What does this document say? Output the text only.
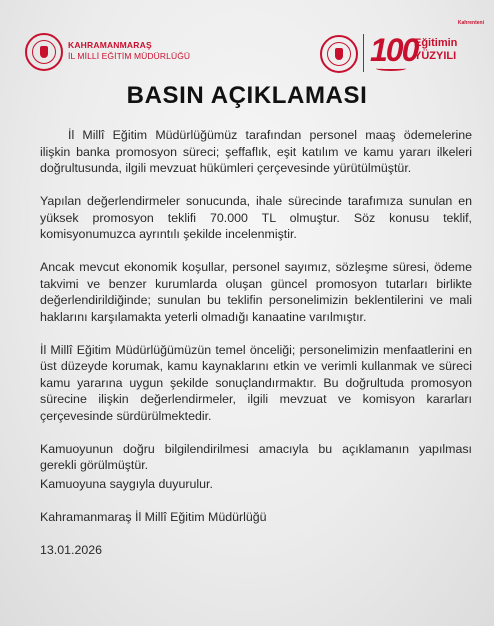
KAHRAMANMARAŞ
İL MİLLİ EĞİTİM MÜDÜRLÜĞÜ	100
Eğitimin
YÜZYILI
Kahrenteni
BASIN AÇIKLAMASI

İl Millî Eğitim Müdürlüğümüz tarafından personel maaş ödemelerine ilişkin banka promosyon süreci; şeffaflık, eşit katılım ve kamu yararı ilkeleri doğrultusunda, ilgili mevzuat hükümleri çerçevesinde yürütülmüştür.

Yapılan değerlendirmeler sonucunda, ihale sürecinde tarafımıza sunulan en yüksek promosyon teklifi 70.000 TL olmuştur. Söz konusu teklif, komisyonumuzca ayrıntılı şekilde incelenmiştir.

Ancak mevcut ekonomik koşullar, personel sayımız, sözleşme süresi, ödeme takvimi ve benzer kurumlarda oluşan güncel promosyon tutarları birlikte değerlendirildiğinde; sunulan bu teklifin personelimizin beklentilerini ve mali haklarını karşılamakta yeterli olmadığı kanaatine varılmıştır.

İl Millî Eğitim Müdürlüğümüzün temel önceliği; personelimizin menfaatlerini en üst düzeyde korumak, kamu kaynaklarını etkin ve verimli kullanmak ve süreci kamu yararına uygun şekilde sonuçlandırmaktır. Bu doğrultuda promosyon sürecine ilişkin değerlendirmeler, ilgili mevzuat ve komisyon kararları çerçevesinde sürdürülmektedir.

Kamuoyunun doğru bilgilendirilmesi amacıyla bu açıklamanın yapılması gerekli görülmüştür.

Kamuoyuna saygıyla duyurulur.

Kahramanmaraş İl Millî Eğitim Müdürlüğü

13.01.2026
